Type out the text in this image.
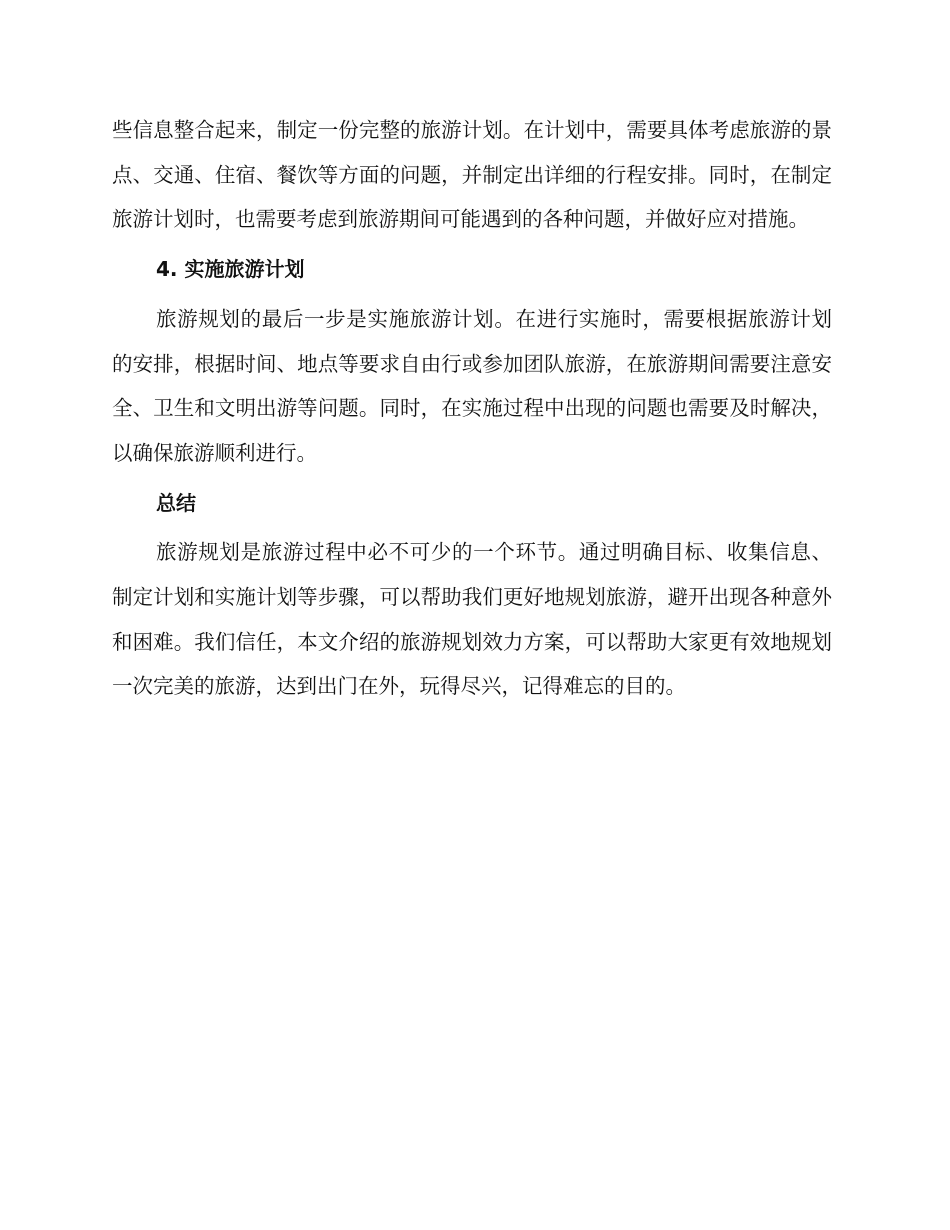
些信息整合起来，制定一份完整的旅游计划。在计划中，需要具体考虑旅游的景点、交通、住宿、餐饮等方面的问题，并制定出详细的行程安排。同时，在制定旅游计划时，也需要考虑到旅游期间可能遇到的各种问题，并做好应对措施。

4. 实施旅游计划

旅游规划的最后一步是实施旅游计划。在进行实施时，需要根据旅游计划的安排，根据时间、地点等要求自由行或参加团队旅游，在旅游期间需要注意安全、卫生和文明出游等问题。同时，在实施过程中出现的问题也需要及时解决，以确保旅游顺利进行。

总结

旅游规划是旅游过程中必不可少的一个环节。通过明确目标、收集信息、制定计划和实施计划等步骤，可以帮助我们更好地规划旅游，避开出现各种意外和困难。我们信任，本文介绍的旅游规划效力方案，可以帮助大家更有效地规划一次完美的旅游，达到出门在外，玩得尽兴，记得难忘的目的。
